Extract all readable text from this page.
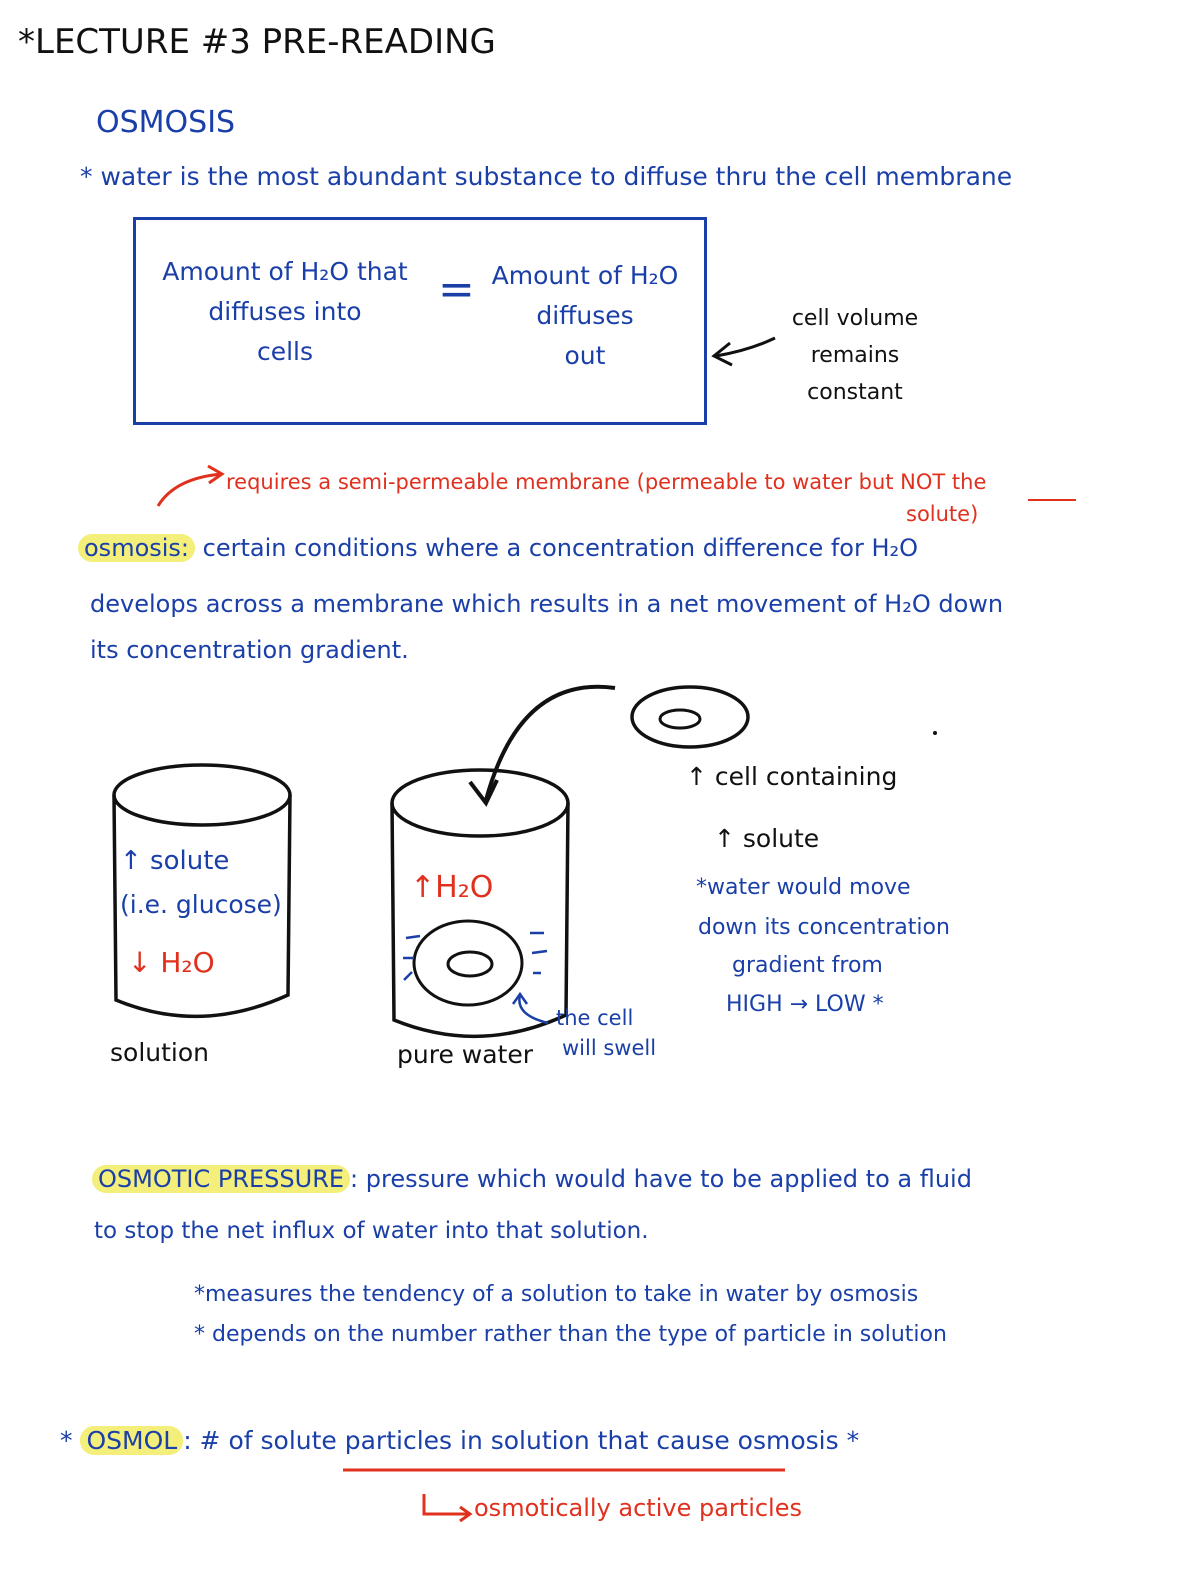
*LECTURE #3 PRE-READING
OSMOSIS
* water is the most abundant substance to diffuse thru the cell membrane
Amount of H₂O that
diffuses into
cells
= Amount of H₂O
diffuses
out
cell volume
remains
constant
requires a semi-permeable membrane (permeable to water but NOT the
solute)
osmosis: certain conditions where a concentration difference for H₂O
develops across a membrane which results in a net movement of H₂O down
its concentration gradient.
↑ solute
(i.e. glucose)
↓ H₂O
solution
↑H₂O
pure water
the cell
will swell
↑ cell containing
↑ solute
*water would move
down its concentration
gradient from
HIGH → LOW *
OSMOTIC PRESSURE : pressure which would have to be applied to a fluid
to stop the net influx of water into that solution.
*measures the tendency of a solution to take in water by osmosis
* depends on the number rather than the type of particle in solution
* OSMOL : # of solute particles in solution that cause osmosis *
osmotically active particles
